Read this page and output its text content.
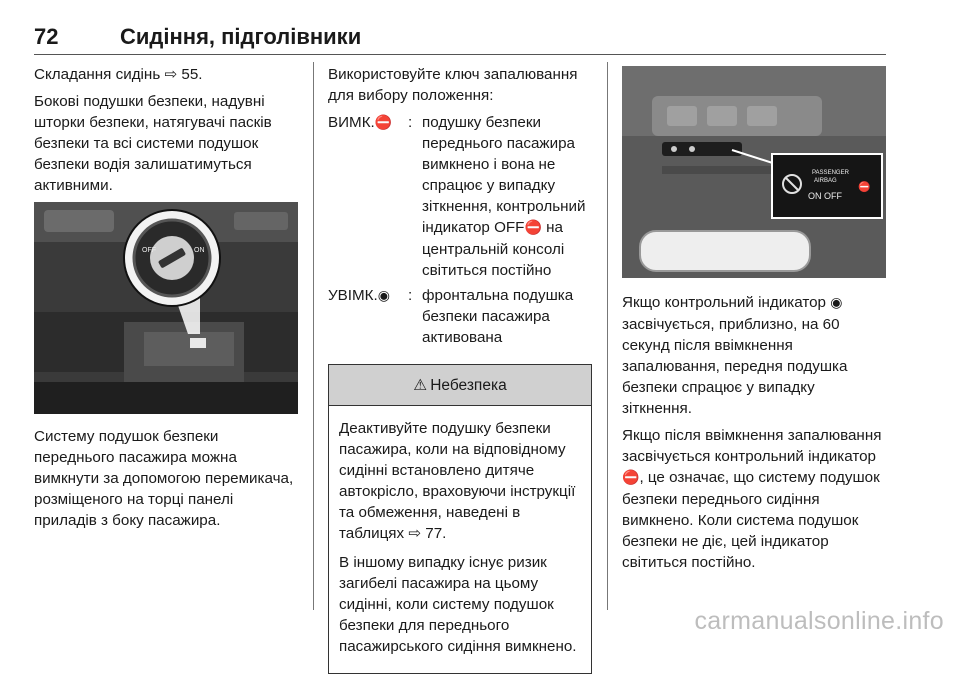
72	Сидіння, підголівники

Складання сидінь ⇨ 55.

Бокові подушки безпеки, надувні шторки безпеки, натягувачі пасків безпеки та всі системи подушок безпеки водія залишатимуться активними.

OFF	ON

Систему подушок безпеки переднього пасажира можна вимкнути за допомогою перемикача, розміщеного на торці панелі приладів з боку пасажира.

Використовуйте ключ запалювання для вибору положення:

ВИМК.⛔	: подушку безпеки переднього пасажира вимкнено і вона не спрацює у випадку зіткнення, контрольний індикатор OFF⛔ на центральній консолі світиться постійно
УВІМК.◉	: фронтальна подушка безпеки пасажира активована
⚠ Небезпека

Деактивуйте подушку безпеки пасажира, коли на відповідному сидінні встановлено дитяче автокрісло, враховуючи інструкції та обмеження, наведені в таблицях ⇨ 77.

В іншому випадку існує ризик загибелі пасажира на цьому сидінні, коли систему подушок безпеки для переднього пасажирського сидіння вимкнено.

PASSENGER
AIRBAG
ON OFF
⛔

Якщо контрольний індикатор ◉ засвічується, приблизно, на 60 секунд після ввімкнення запалювання, передня подушка безпеки спрацює у випадку зіткнення.

Якщо після ввімкнення запалювання засвічується контрольний індикатор ⛔, це означає, що систему подушок безпеки переднього сидіння вимкнено. Коли система подушок безпеки не діє, цей індикатор світиться постійно.

carmanualsonline.info
